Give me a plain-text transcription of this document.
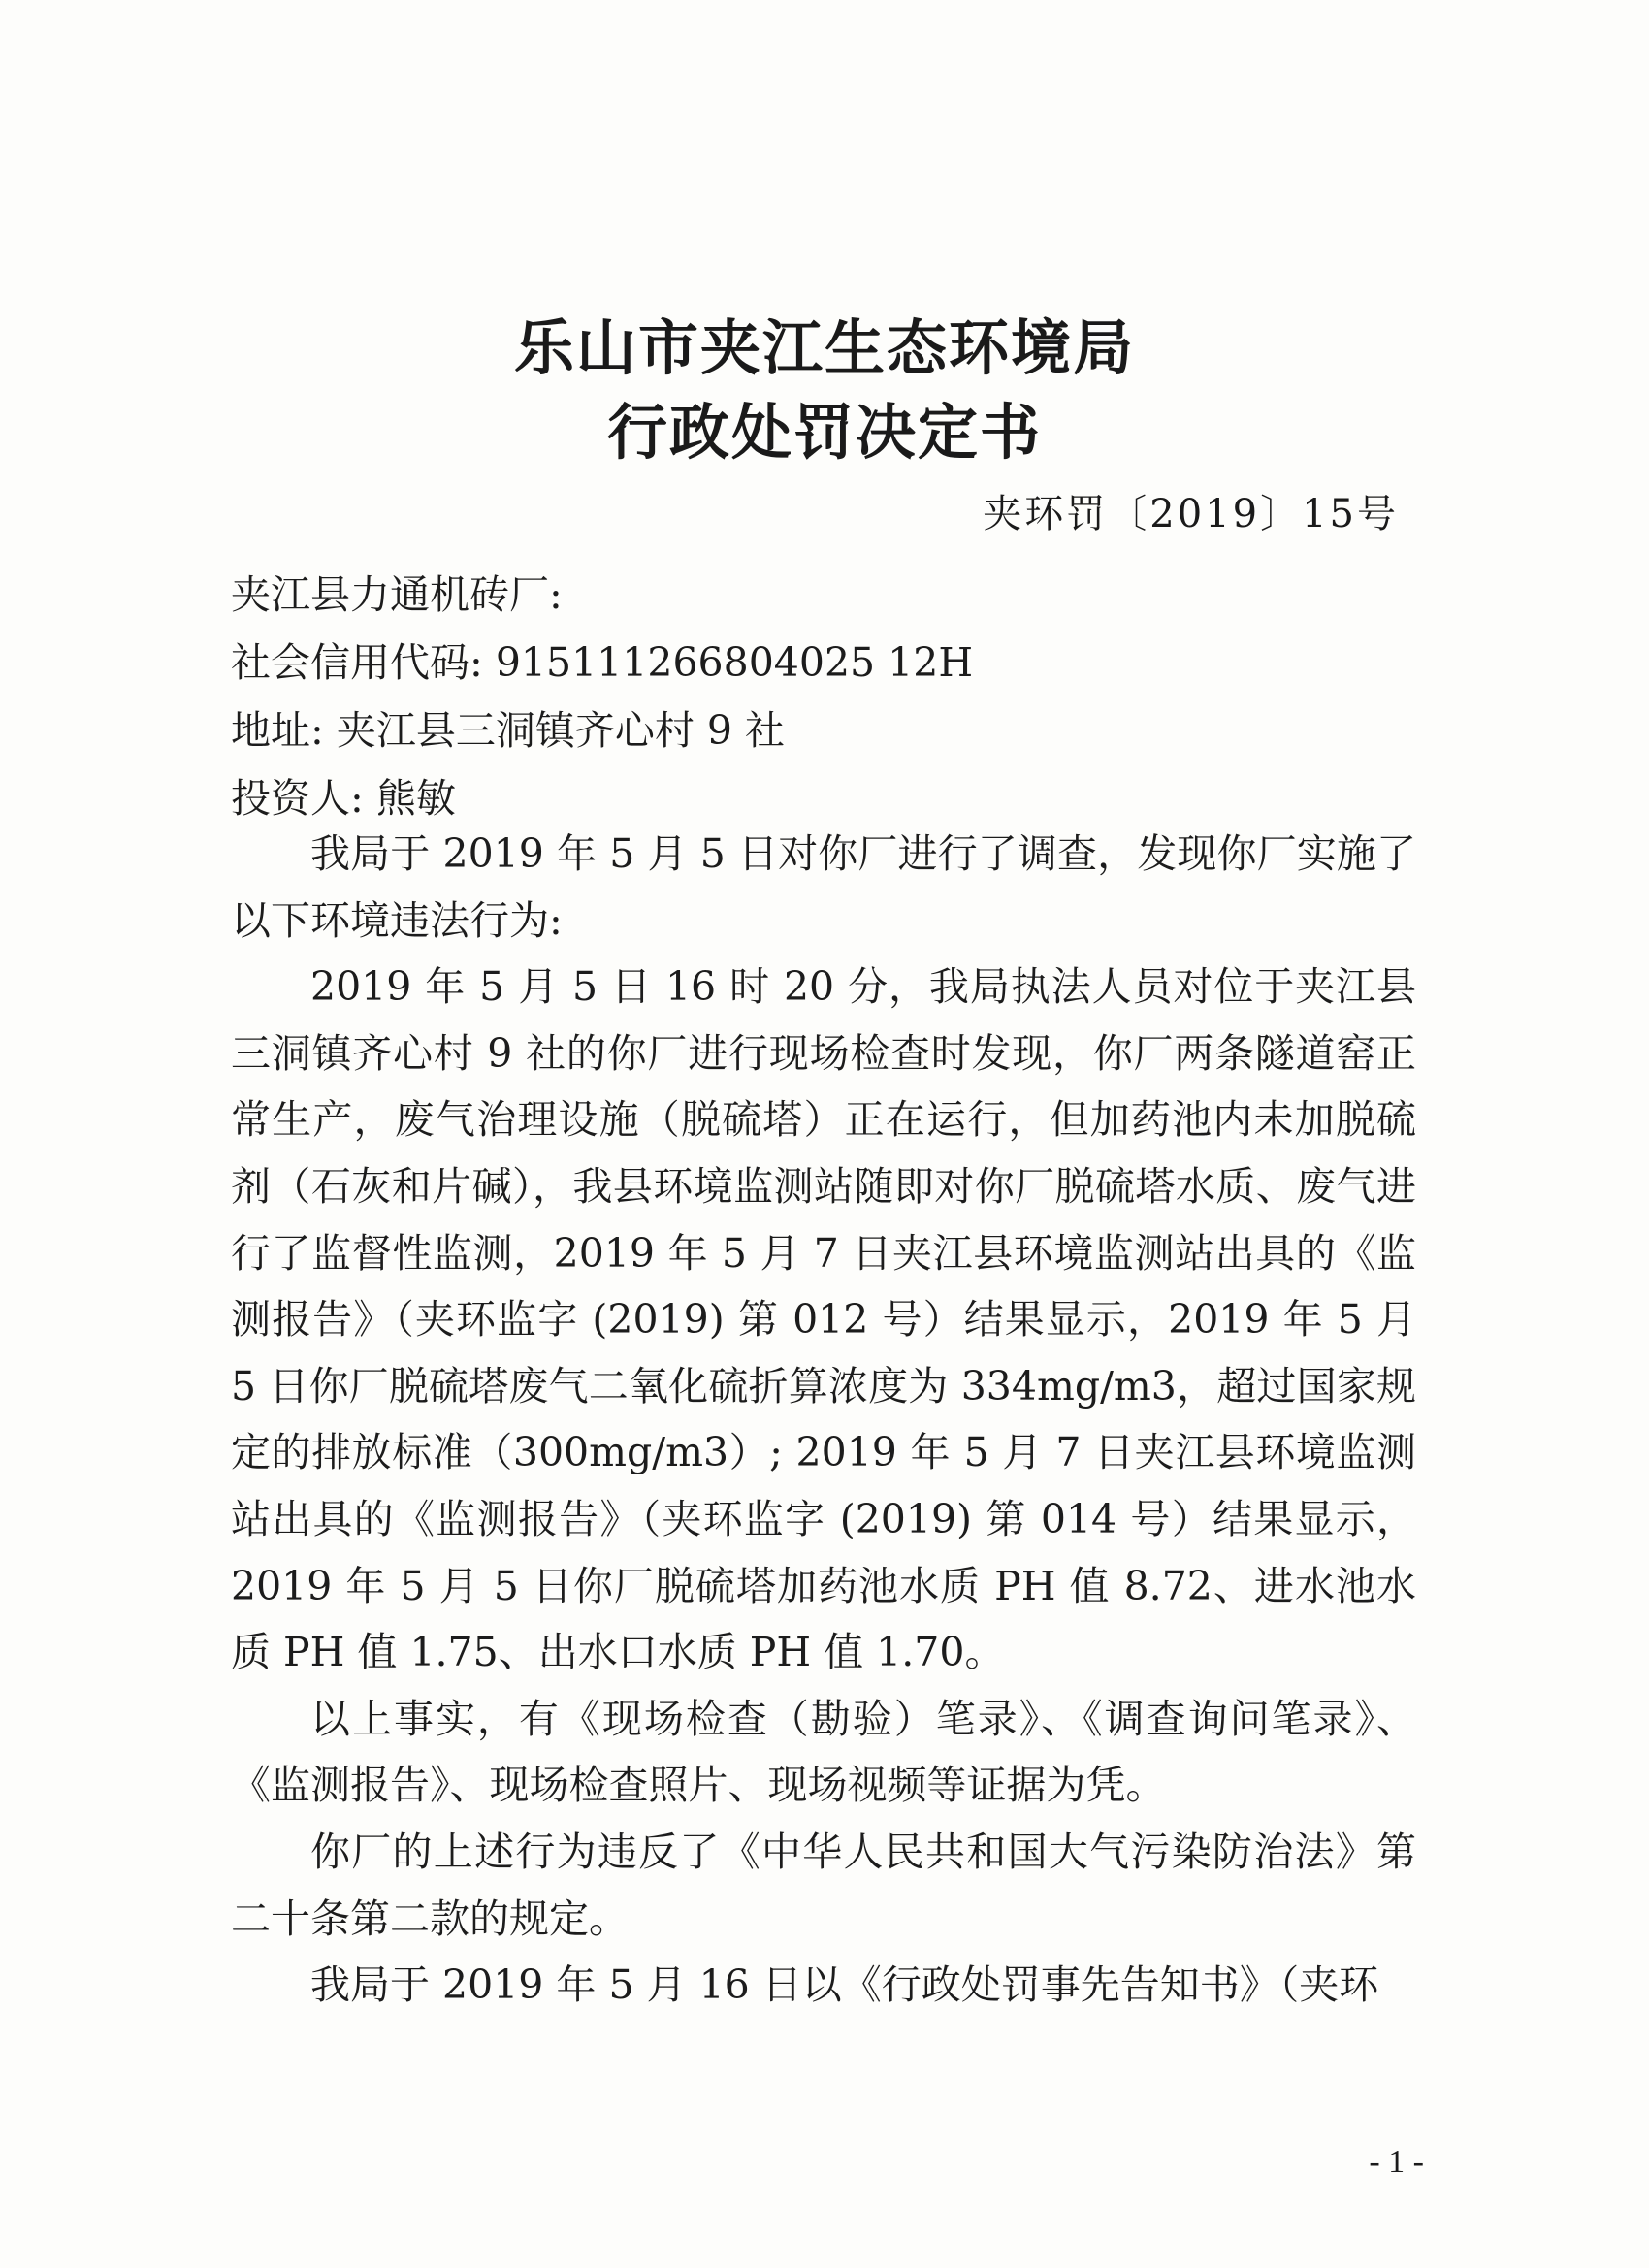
乐山市夹江生态环境局
行政处罚决定书
夹环罚〔2019〕15号

夹江县力通机砖厂:

社会信用代码: 915111266804025 12H

地址: 夹江县三洞镇齐心村 9 社

投资人: 熊敏

我局于 2019 年 5 月 5 日对你厂进行了调查，发现你厂实施了以下环境违法行为:

2019 年 5 月 5 日 16 时 20 分，我局执法人员对位于夹江县三洞镇齐心村 9 社的你厂进行现场检查时发现，你厂两条隧道窑正常生产，废气治理设施（脱硫塔）正在运行，但加药池内未加脱硫剂（石灰和片碱），我县环境监测站随即对你厂脱硫塔水质、废气进行了监督性监测，2019 年 5 月 7 日夹江县环境监测站出具的《监测报告》（夹环监字 (2019) 第 012 号）结果显示，2019 年 5 月 5 日你厂脱硫塔废气二氧化硫折算浓度为 334mg/m3，超过国家规定的排放标准（300mg/m3）; 2019 年 5 月 7 日夹江县环境监测站出具的《监测报告》（夹环监字 (2019) 第 014 号）结果显示，2019 年 5 月 5 日你厂脱硫塔加药池水质 PH 值 8.72、进水池水质 PH 值 1.75、出水口水质 PH 值 1.70。

以上事实，有《现场检查（勘验）笔录》、《调查询问笔录》、《监测报告》、现场检查照片、现场视频等证据为凭。

你厂的上述行为违反了《中华人民共和国大气污染防治法》第二十条第二款的规定。

我局于 2019 年 5 月 16 日以《行政处罚事先告知书》（夹环

- 1 -
